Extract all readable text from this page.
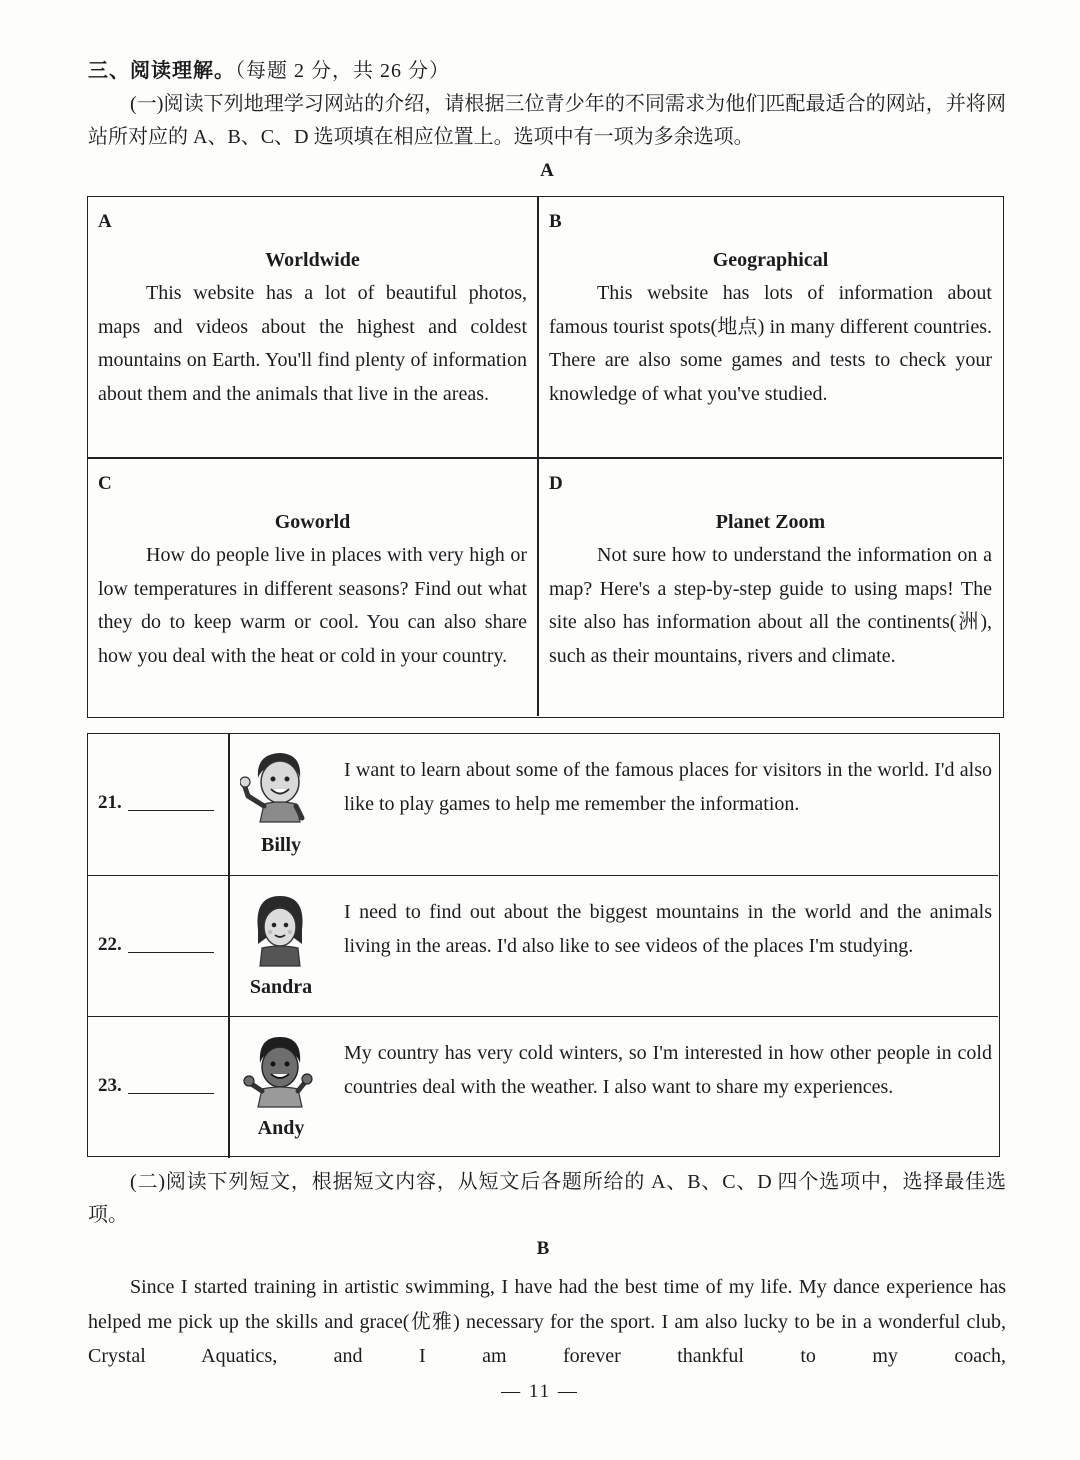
三、阅读理解。（每题 2 分，共 26 分）
(一)阅读下列地理学习网站的介绍，请根据三位青少年的不同需求为他们匹配最适合的网站，并将网站所对应的 A、B、C、D 选项填在相应位置上。选项中有一项为多余选项。
A
A
Worldwide
This website has a lot of beautiful photos, maps and videos about the highest and coldest mountains on Earth. You'll find plenty of information about them and the animals that live in the areas.
B
Geographical
This website has lots of information about famous tourist spots(地点) in many different countries. There are also some games and tests to check your knowledge of what you've studied.
C
Goworld
How do people live in places with very high or low temperatures in different seasons? Find out what they do to keep warm or cool. You can also share how you deal with the heat or cold in your country.
D
Planet Zoom
Not sure how to understand the information on a map? Here's a step-by-step guide to using maps! The site also has information about all the continents(洲), such as their mountains, rivers and climate.
21.
Billy
I want to learn about some of the famous places for visitors in the world. I'd also like to play games to help me remember the information.
22.
Sandra
I need to find out about the biggest mountains in the world and the animals living in the areas. I'd also like to see videos of the places I'm studying.
23.
Andy
My country has very cold winters, so I'm interested in how other people in cold countries deal with the weather. I also want to share my experiences.
(二)阅读下列短文，根据短文内容，从短文后各题所给的 A、B、C、D 四个选项中，选择最佳选项。
B
Since I started training in artistic swimming, I have had the best time of my life. My dance experience has helped me pick up the skills and grace(优雅) necessary for the sport. I am also lucky to be in a wonderful club, Crystal Aquatics, and I am forever thankful to my coach,
— 11 —
